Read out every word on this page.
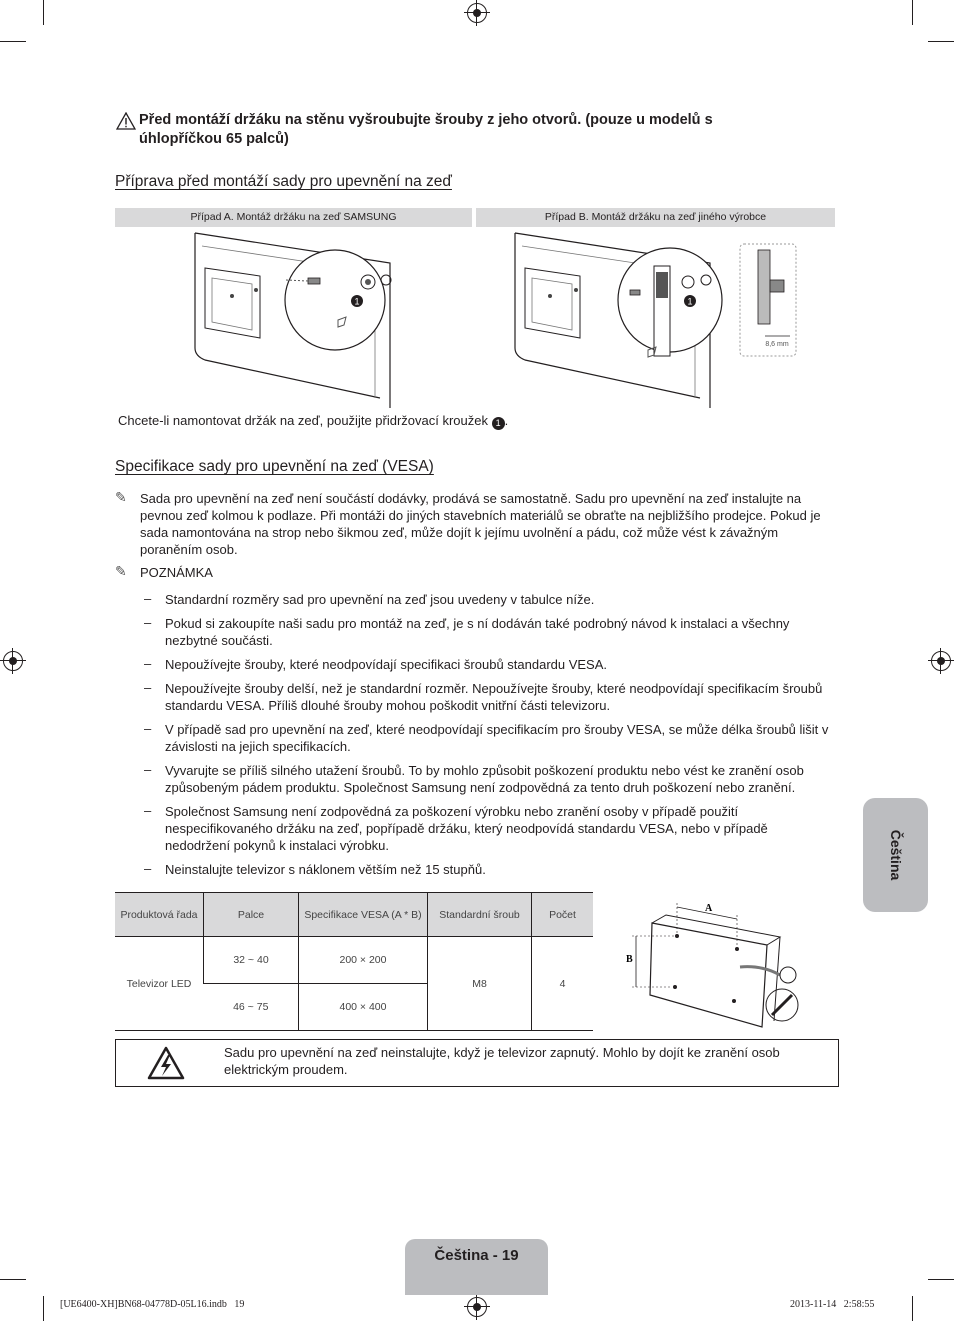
Před montáží držáku na stěnu vyšroubujte šrouby z jeho otvorů. (pouze u modelů s úhlopříčkou 65 palců)
Příprava před montáží sady pro upevnění na zeď
Případ A. Montáž držáku na zeď SAMSUNG	Případ B. Montáž držáku na zeď jiného výrobce
1	1
8,6 mm
Chcete-li namontovat držák na zeď, použijte přidržovací kroužek 1 .
Specifikace sady pro upevnění na zeď (VESA)
✎ Sada pro upevnění na zeď není součástí dodávky, prodává se samostatně. Sadu pro upevnění na zeď instalujte na pevnou zeď kolmou k podlaze. Při montáži do jiných stavebních materiálů se obraťte na nejbližšího prodejce. Pokud je sada namontována na strop nebo šikmou zeď, může dojít k jejímu uvolnění a pádu, což může vést k závažným poraněním osob.
✎ POZNÁMKA
– Standardní rozměry sad pro upevnění na zeď jsou uvedeny v tabulce níže.
– Pokud si zakoupíte naši sadu pro montáž na zeď, je s ní dodáván také podrobný návod k instalaci a všechny nezbytné součásti.
– Nepoužívejte šrouby, které neodpovídají specifikaci šroubů standardu VESA.
– Nepoužívejte šrouby delší, než je standardní rozměr. Nepoužívejte šrouby, které neodpovídají specifikacím šroubů standardu VESA. Příliš dlouhé šrouby mohou poškodit vnitřní části televizoru.
– V případě sad pro upevnění na zeď, které neodpovídají specifikacím pro šrouby VESA, se může délka šroubů lišit v závislosti na jejich specifikacích.
– Vyvarujte se příliš silného utažení šroubů. To by mohlo způsobit poškození produktu nebo vést ke zranění osob způsobeným pádem produktu. Společnost Samsung není zodpovědná za tento druh poškození nebo zranění.
– Společnost Samsung není zodpovědná za poškození výrobku nebo zranění osoby v případě použití nespecifikovaného držáku na zeď, popřípadě držáku, který neodpovídá standardu VESA, nebo v případě nedodržení pokynů k instalaci výrobku.
– Neinstalujte televizor s náklonem větším než 15 stupňů.
Produktová řada	Palce	Specifikace VESA (A * B)	Standardní šroub	Počet
Televizor LED	32 ~ 40	200 × 200	M8	4
	46 ~ 75	400 × 400		
A
B
Sadu pro upevnění na zeď neinstalujte, když je televizor zapnutý. Mohlo by dojít ke zranění osob elektrickým proudem.
Čeština
Čeština - 19
[UE6400-XH]BN68-04778D-05L16.indb   19	2013-11-14   2:58:55
